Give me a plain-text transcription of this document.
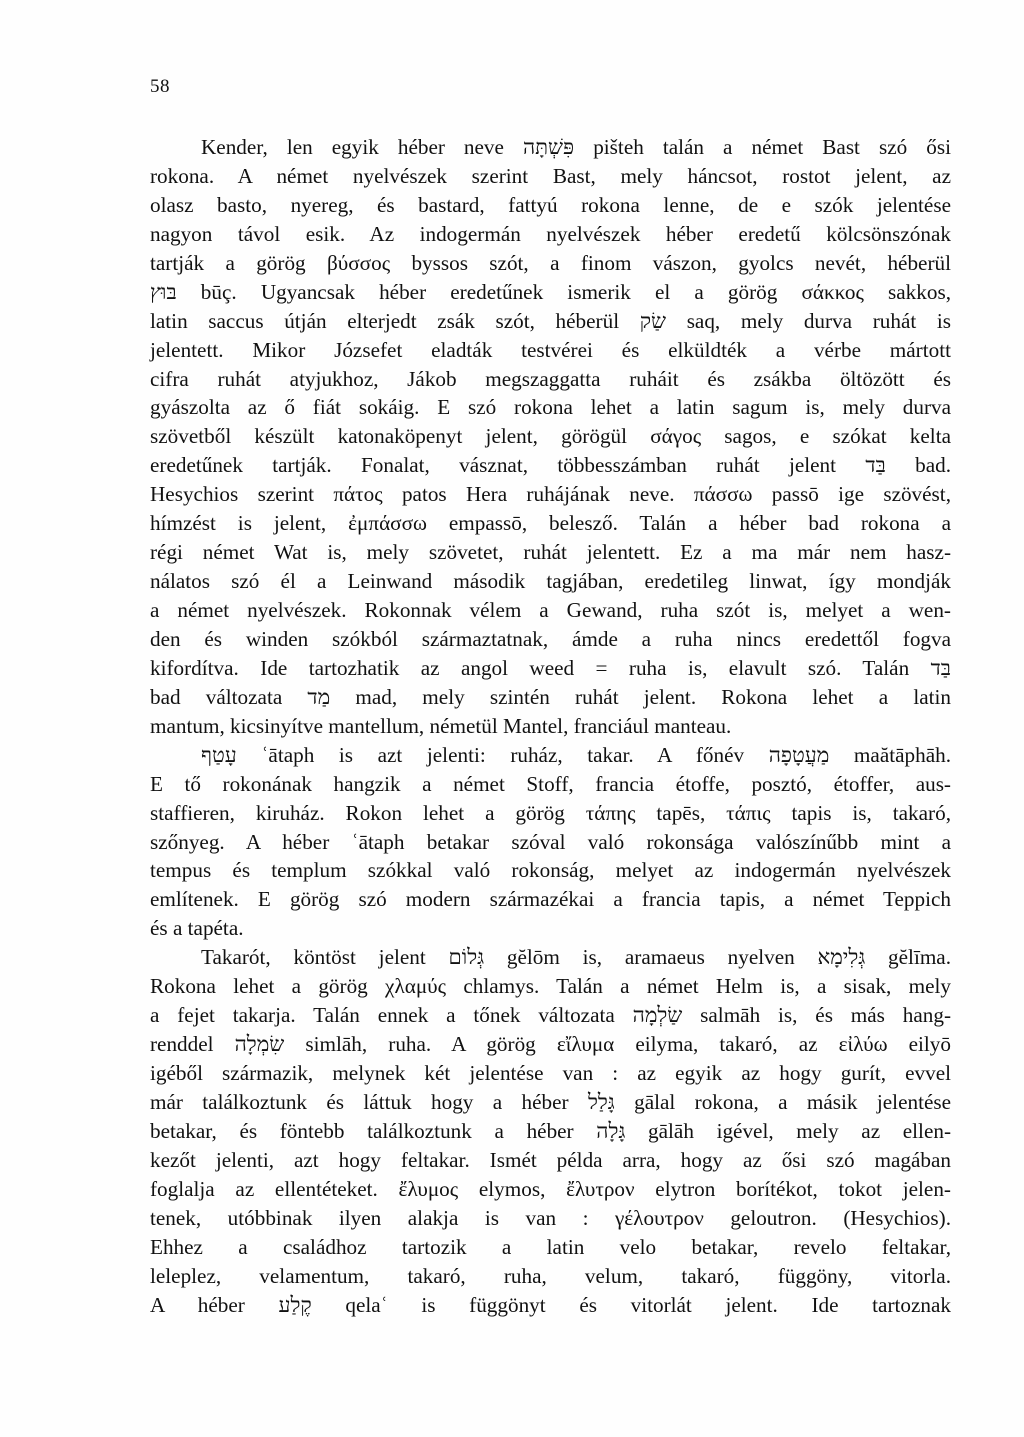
58
Kender, len egyik héber neve פִּשְׁתָּה pišteh talán a német Bast szó ősi
rokona. A német nyelvészek szerint Bast, mely háncsot, rostot jelent, az
olasz basto, nyereg, és bastard, fattyú rokona lenne, de e szók jelentése
nagyon távol esik. Az indogermán nyelvészek héber eredetű kölcsönszónak
tartják a görög βύσσος byssos szót, a finom vászon, gyolcs nevét, héberül
בּוּץ būç. Ugyancsak héber eredetűnek ismerik el a görög σάκκος sakkos,
latin saccus útján elterjedt zsák szót, héberül שַׂק saq, mely durva ruhát is
jelentett. Mikor Józsefet eladták testvérei és elküldték a vérbe mártott
cifra ruhát atyjukhoz, Jákob megszaggatta ruháit és zsákba öltözött és
gyászolta az ő fiát sokáig. E szó rokona lehet a latin sagum is, mely durva
szövetből készült katonaköpenyt jelent, görögül σάγος sagos, e szókat kelta
eredetűnek tartják. Fonalat, vásznat, többesszámban ruhát jelent בַּד bad.
Hesychios szerint πάτος patos Hera ruhájának neve. πάσσω passō ige szövést,
hímzést is jelent, ἐμπάσσω empassō, belesző. Talán a héber bad rokona a
régi német Wat is, mely szövetet, ruhát jelentett. Ez a ma már nem hasz-
nálatos szó él a Leinwand második tagjában, eredetileg linwat, így mondják
a német nyelvészek. Rokonnak vélem a Gewand, ruha szót is, melyet a wen-
den és winden szókból származtatnak, ámde a ruha nincs eredettől fogva
kifordítva. Ide tartozhatik az angol weed = ruha is, elavult szó. Talán בַּד
bad változata מַד mad, mely szintén ruhát jelent. Rokona lehet a latin
mantum, kicsinyítve mantellum, németül Mantel, franciául manteau.
עָטַף ʿātaph is azt jelenti: ruház, takar. A főnév מַעֲטָפָה maătāphāh.
E tő rokonának hangzik a német Stoff, francia étoffe, posztó, étoffer, aus-
staffieren, kiruház. Rokon lehet a görög τάπης tapēs, τάπις tapis is, takaró,
szőnyeg. A héber ʿātaph betakar szóval való rokonsága valószínűbb mint a
tempus és templum szókkal való rokonság, melyet az indogermán nyelvészek
említenek. E görög szó modern származékai a francia tapis, a német Teppich
és a tapéta.
Takarót, köntöst jelent גְּלוֹם gĕlōm is, aramaeus nyelven גְּלִימָא gĕlīma.
Rokona lehet a görög χλαμύς chlamys. Talán a német Helm is, a sisak, mely
a fejet takarja. Talán ennek a tőnek változata שַׂלְמָה salmāh is, és más hang-
renddel שִׂמְלָה simlāh, ruha. A görög εἴλυμα eilyma, takaró, az εἰλύω eilyō
igéből származik, melynek két jelentése van : az egyik az hogy gurít, evvel
már találkoztunk és láttuk hogy a héber גָּלַל gālal rokona, a másik jelentése
betakar, és föntebb találkoztunk a héber גָּלָה gālāh igével, mely az ellen-
kezőt jelenti, azt hogy feltakar. Ismét példa arra, hogy az ősi szó magában
foglalja az ellentéteket. ἔλυμος elymos, ἔλυτρον elytron borítékot, tokot jelen-
tenek, utóbbinak ilyen alakja is van : γέλουτρον geloutron. (Hesychios).
Ehhez a családhoz tartozik a latin velo betakar, revelo feltakar,
leleplez, velamentum, takaró, ruha, velum, takaró, függöny, vitorla.
A héber קֶלַע qelaʿ is függönyt és vitorlát jelent. Ide tartoznak
